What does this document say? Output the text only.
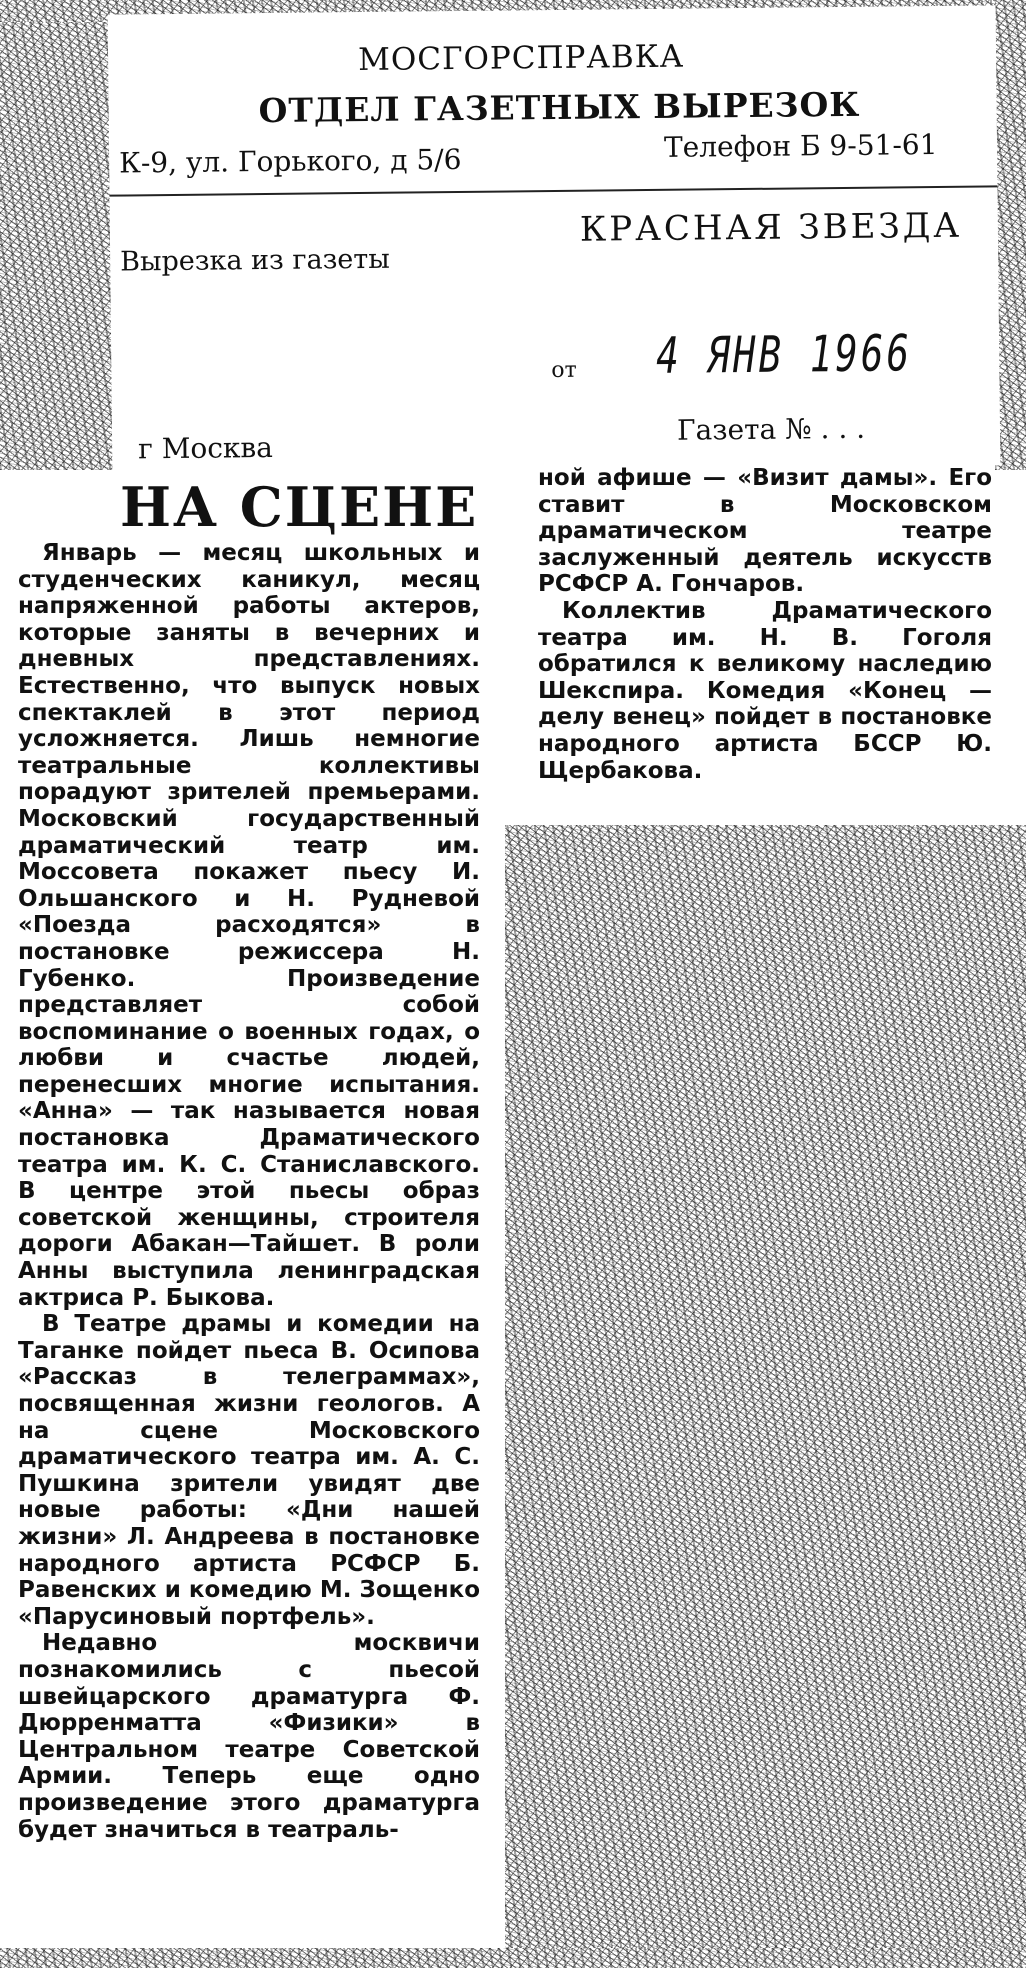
МОСГОРСПРАВКА
ОТДЕЛ ГАЗЕТНЫХ ВЫРЕЗОК
К-9, ул. Горького, д 5/6	Телефон Б 9-51-61
Вырезка из газеты
КРАСНАЯ ЗВЕЗДА
от 4 ЯНВ 1966
Газета № . . .
г Москва
НА СЦЕНЕ

Январь — месяц школьных и студенческих каникул, месяц напряженной работы актеров, которые заняты в вечерних и дневных представлениях. Естественно, что выпуск новых спектаклей в этот период усложняется. Лишь немногие театральные коллективы порадуют зрителей премьерами. Московский государственный драматический театр им. Моссовета покажет пьесу И. Ольшанского и Н. Рудневой «Поезда расходятся» в постановке режиссера Н. Губенко. Произведение представляет собой воспоминание о военных годах, о любви и счастье людей, перенесших многие испытания. «Анна» — так называется новая постановка Драматического театра им. К. С. Станиславского. В центре этой пьесы образ советской женщины, строителя дороги Абакан—Тайшет. В роли Анны выступила ленинградская актриса Р. Быкова.

В Театре драмы и комедии на Таганке пойдет пьеса В. Осипова «Рассказ в телеграммах», посвященная жизни геологов. А на сцене Московского драматического театра им. А. С. Пушкина зрители увидят две новые работы: «Дни нашей жизни» Л. Андреева в постановке народного артиста РСФСР Б. Равенских и комедию М. Зощенко «Парусиновый портфель».

Недавно москвичи познакомились с пьесой швейцарского драматурга Ф. Дюрренматта «Физики» в Центральном театре Советской Армии. Теперь еще одно произведение этого драматурга будет значиться в театраль-

ной афише — «Визит дамы». Его ставит в Московском драматическом театре заслуженный деятель искусств РСФСР А. Гончаров.

Коллектив Драматического театра им. Н. В. Гоголя обратился к великому наследию Шекспира. Комедия «Конец — делу венец» пойдет в постановке народного артиста БССР Ю. Щербакова.
